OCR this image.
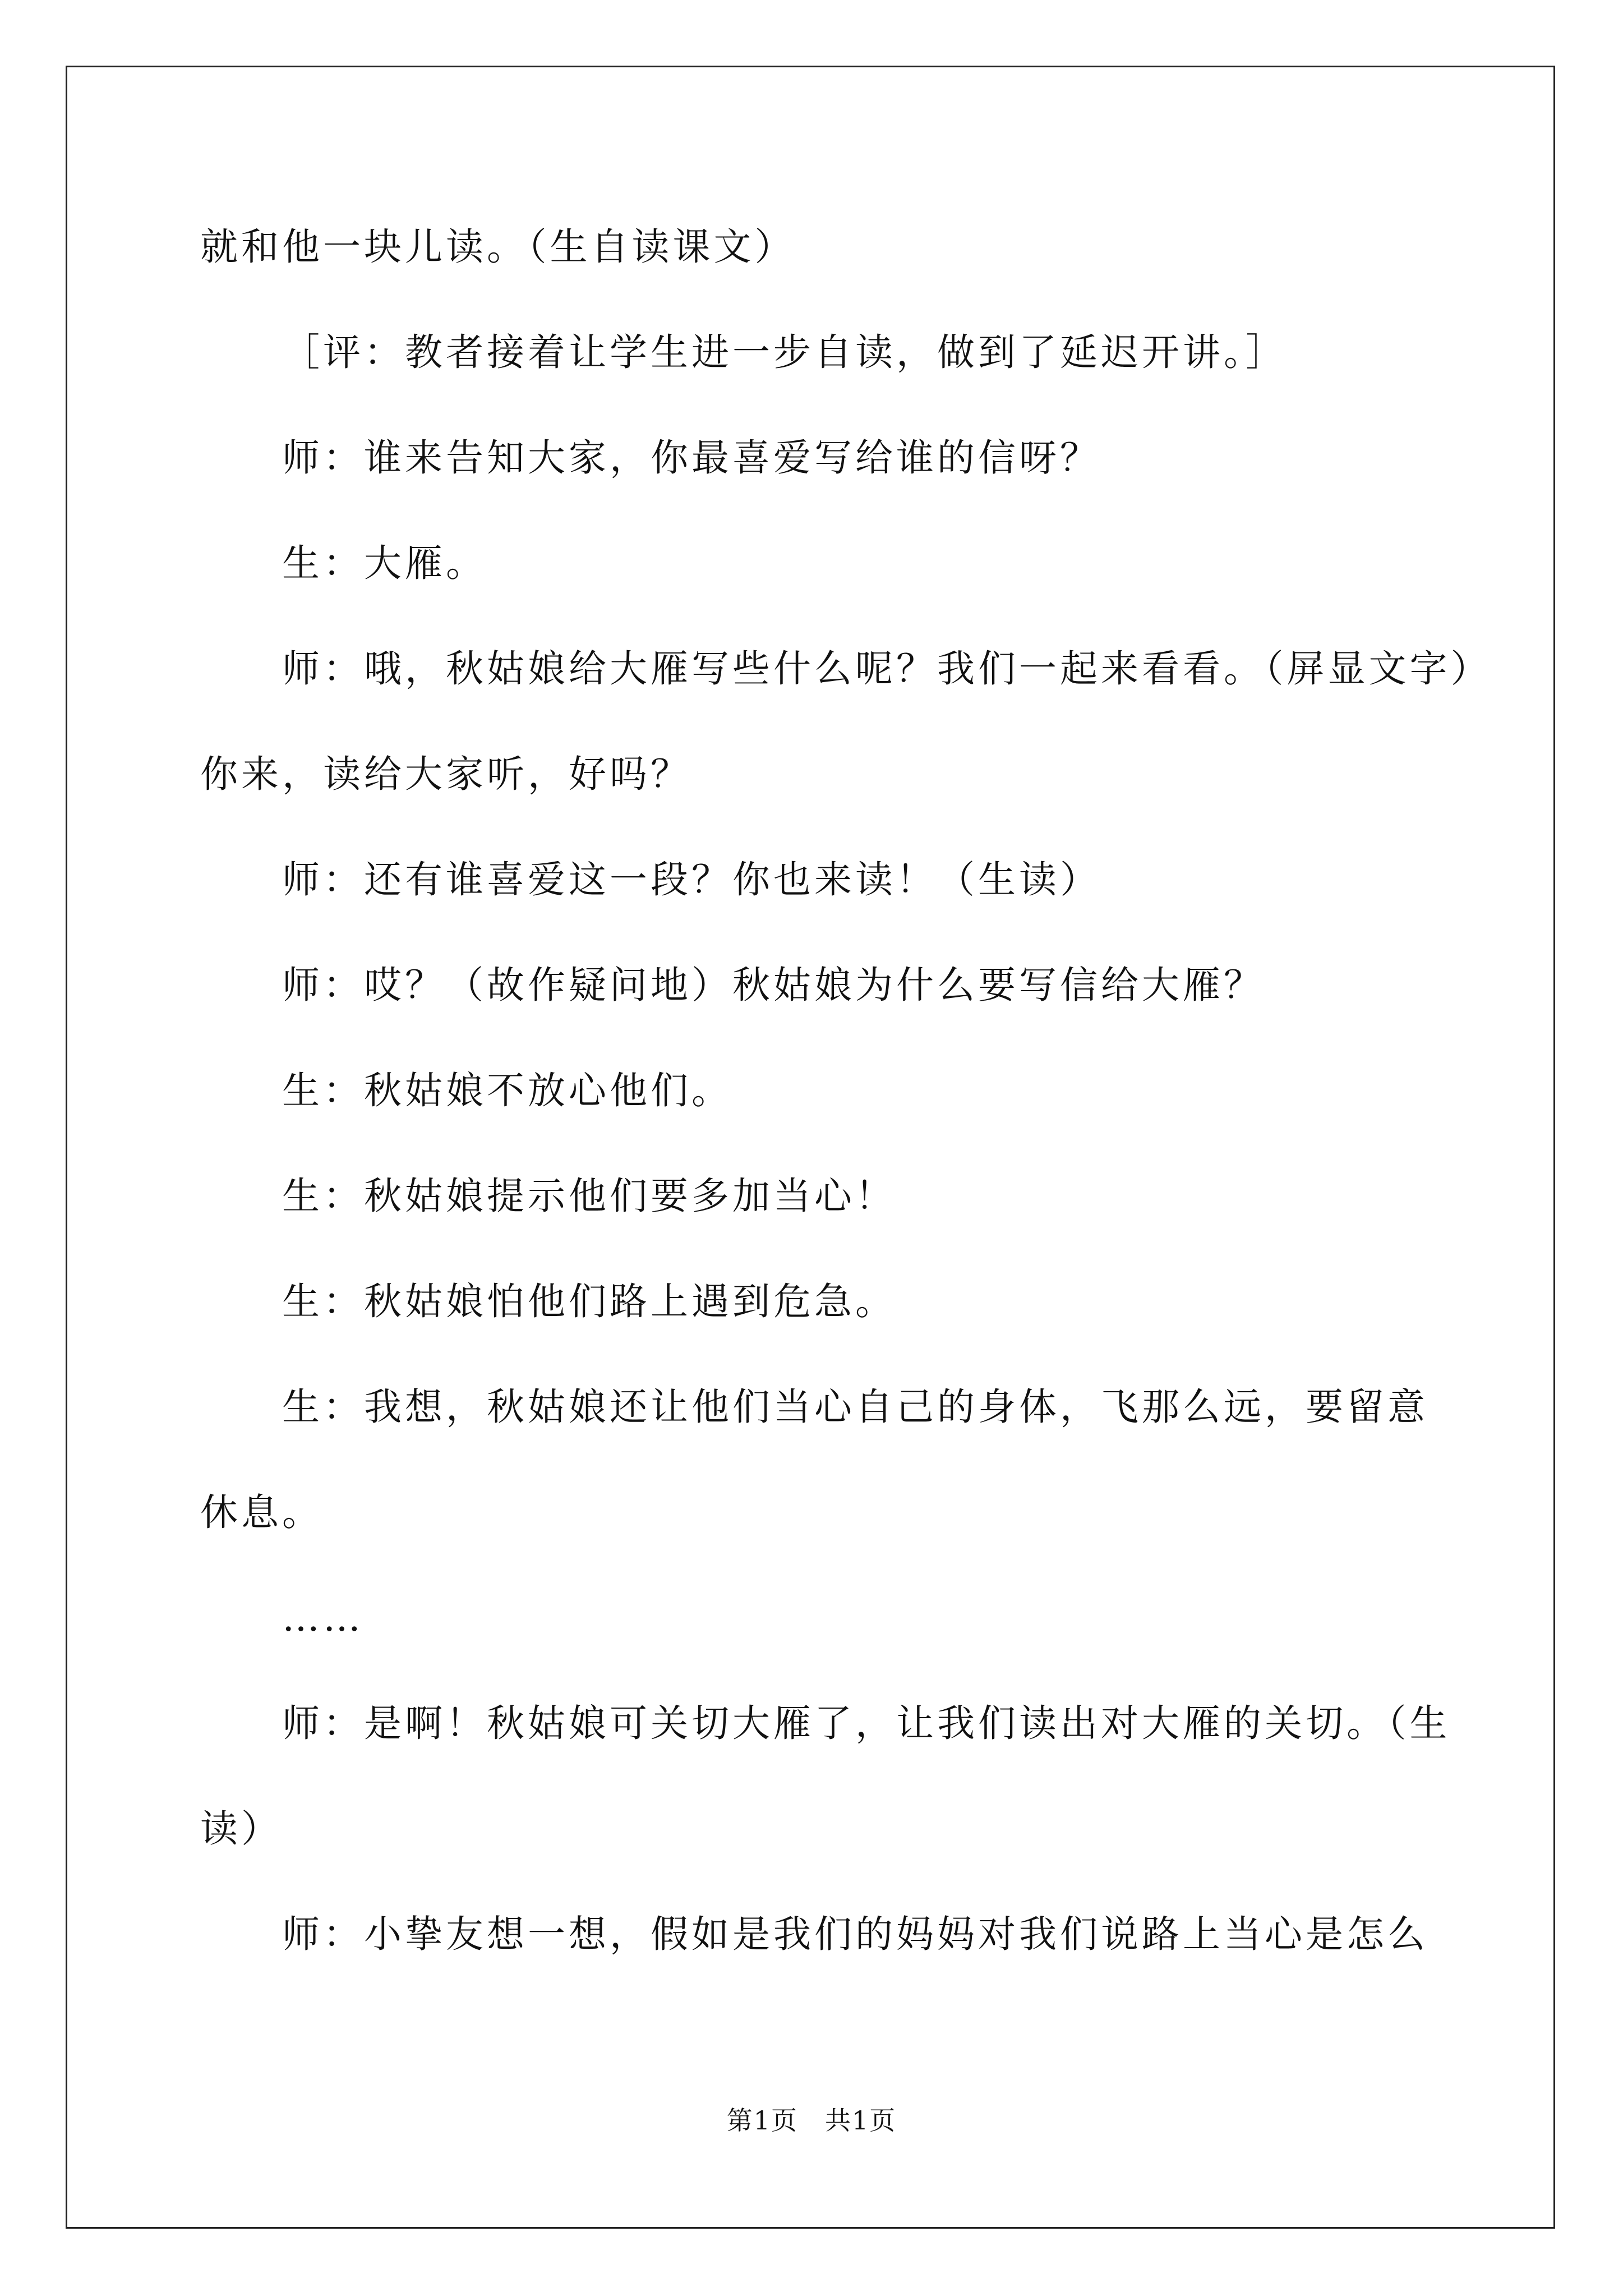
就和他一块儿读。（生自读课文）
［评：教者接着让学生进一步自读，做到了延迟开讲。］
师：谁来告知大家，你最喜爱写给谁的信呀？
生：大雁。
师：哦，秋姑娘给大雁写些什么呢？我们一起来看看。（屏显文字）
你来，读给大家听，好吗？
师：还有谁喜爱这一段？你也来读！（生读）
师：哎？（故作疑问地）秋姑娘为什么要写信给大雁？
生：秋姑娘不放心他们。
生：秋姑娘提示他们要多加当心！
生：秋姑娘怕他们路上遇到危急。
生：我想，秋姑娘还让他们当心自己的身体，飞那么远，要留意
休息。
……
师：是啊！秋姑娘可关切大雁了，让我们读出对大雁的关切。（生
读）
师：小挚友想一想，假如是我们的妈妈对我们说路上当心是怎么
第1页　共1页
